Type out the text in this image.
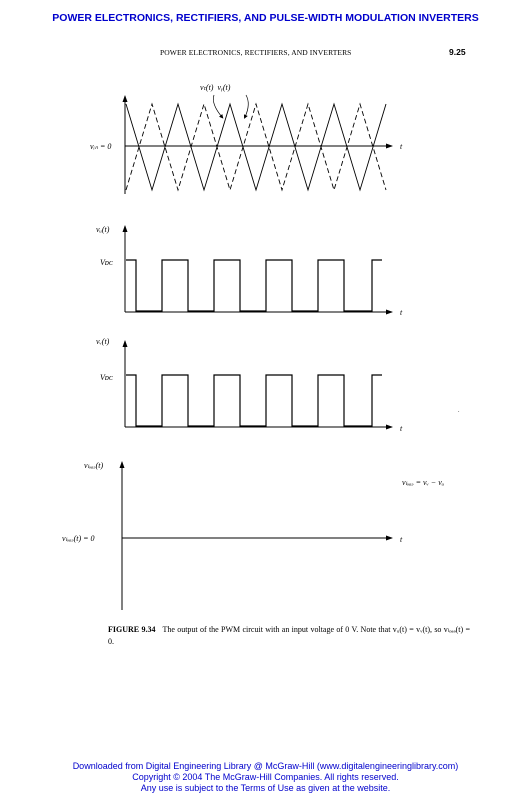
POWER ELECTRONICS, RECTIFIERS, AND PULSE-WIDTH MODULATION INVERTERS
POWER ELECTRONICS, RECTIFIERS, AND INVERTERS	9.25
vₜ(t)  vᵧ(t)
vᵢₙ = 0	t
vᵤ(t)
Vᴅᴄ
t
vᵥ(t)
Vᴅᴄ
t
vₗₒₐₔ(t)
vₗₒₐₔ = vᵥ − vᵤ
vₗₒₐₔ(t) = 0	t
.
FIGURE 9.34 The output of the PWM circuit with an input voltage of 0 V. Note that vᵤ(t) = vᵥ(t), so vₗₒₐₔ(t) = 0.
Downloaded from Digital Engineering Library @ McGraw-Hill (www.digitalengineeringlibrary.com)
Copyright © 2004 The McGraw-Hill Companies. All rights reserved.
Any use is subject to the Terms of Use as given at the website.
